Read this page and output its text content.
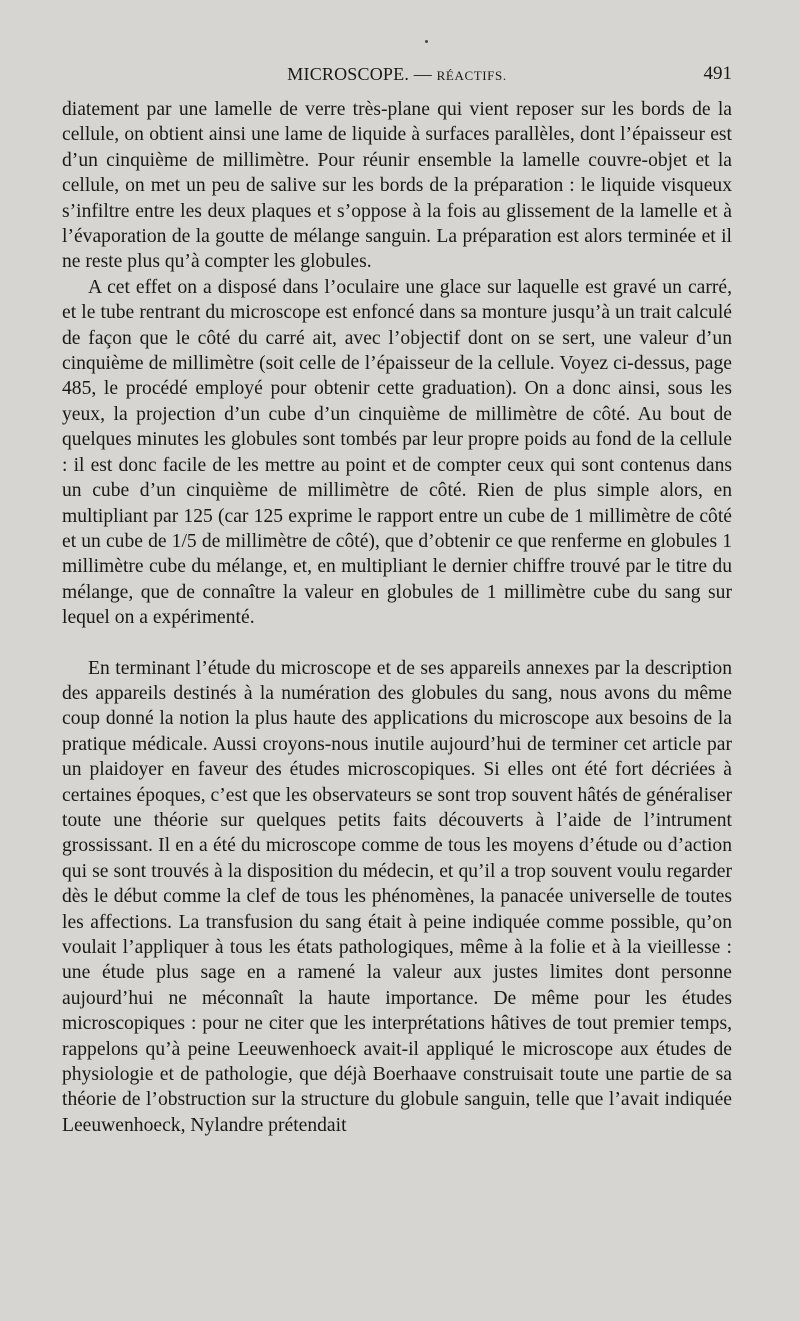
MICROSCOPE. — RÉACTIFS.	491

diatement par une lamelle de verre très-plane qui vient reposer sur les bords de la cellule, on obtient ainsi une lame de liquide à surfaces parallèles, dont l’épaisseur est d’un cinquième de millimètre. Pour réunir ensemble la lamelle couvre-objet et la cellule, on met un peu de salive sur les bords de la préparation : le liquide visqueux s’infiltre entre les deux plaques et s’oppose à la fois au glissement de la lamelle et à l’évaporation de la goutte de mélange sanguin. La préparation est alors terminée et il ne reste plus qu’à compter les globules.

A cet effet on a disposé dans l’oculaire une glace sur laquelle est gravé un carré, et le tube rentrant du microscope est enfoncé dans sa monture jusqu’à un trait calculé de façon que le côté du carré ait, avec l’objectif dont on se sert, une valeur d’un cinquième de millimètre (soit celle de l’épaisseur de la cellule. Voyez ci-dessus, page 485, le procédé employé pour obtenir cette graduation). On a donc ainsi, sous les yeux, la projection d’un cube d’un cinquième de millimètre de côté. Au bout de quelques minutes les globules sont tombés par leur propre poids au fond de la cellule : il est donc facile de les mettre au point et de compter ceux qui sont contenus dans un cube d’un cinquième de millimètre de côté. Rien de plus simple alors, en multipliant par 125 (car 125 exprime le rapport entre un cube de 1 millimètre de côté et un cube de 1/5 de millimètre de côté), que d’obtenir ce que renferme en globules 1 millimètre cube du mélange, et, en multipliant le dernier chiffre trouvé par le titre du mélange, que de connaître la valeur en globules de 1 millimètre cube du sang sur lequel on a expérimenté.

En terminant l’étude du microscope et de ses appareils annexes par la description des appareils destinés à la numération des globules du sang, nous avons du même coup donné la notion la plus haute des applications du microscope aux besoins de la pratique médicale. Aussi croyons-nous inutile aujourd’hui de terminer cet article par un plaidoyer en faveur des études microscopiques. Si elles ont été fort décriées à certaines époques, c’est que les observateurs se sont trop souvent hâtés de généraliser toute une théorie sur quelques petits faits découverts à l’aide de l’intrument grossissant. Il en a été du microscope comme de tous les moyens d’étude ou d’action qui se sont trouvés à la disposition du médecin, et qu’il a trop souvent voulu regarder dès le début comme la clef de tous les phénomènes, la panacée universelle de toutes les affections. La transfusion du sang était à peine indiquée comme possible, qu’on voulait l’appliquer à tous les états pathologiques, même à la folie et à la vieillesse : une étude plus sage en a ramené la valeur aux justes limites dont personne aujourd’hui ne méconnaît la haute importance. De même pour les études microscopiques : pour ne citer que les interprétations hâtives de tout premier temps, rappelons qu’à peine Leeuwenhoeck avait-il appliqué le microscope aux études de physiologie et de pathologie, que déjà Boerhaave construisait toute une partie de sa théorie de l’obstruction sur la structure du globule sanguin, telle que l’avait indiquée Leeuwenhoeck, Nylandre prétendait
